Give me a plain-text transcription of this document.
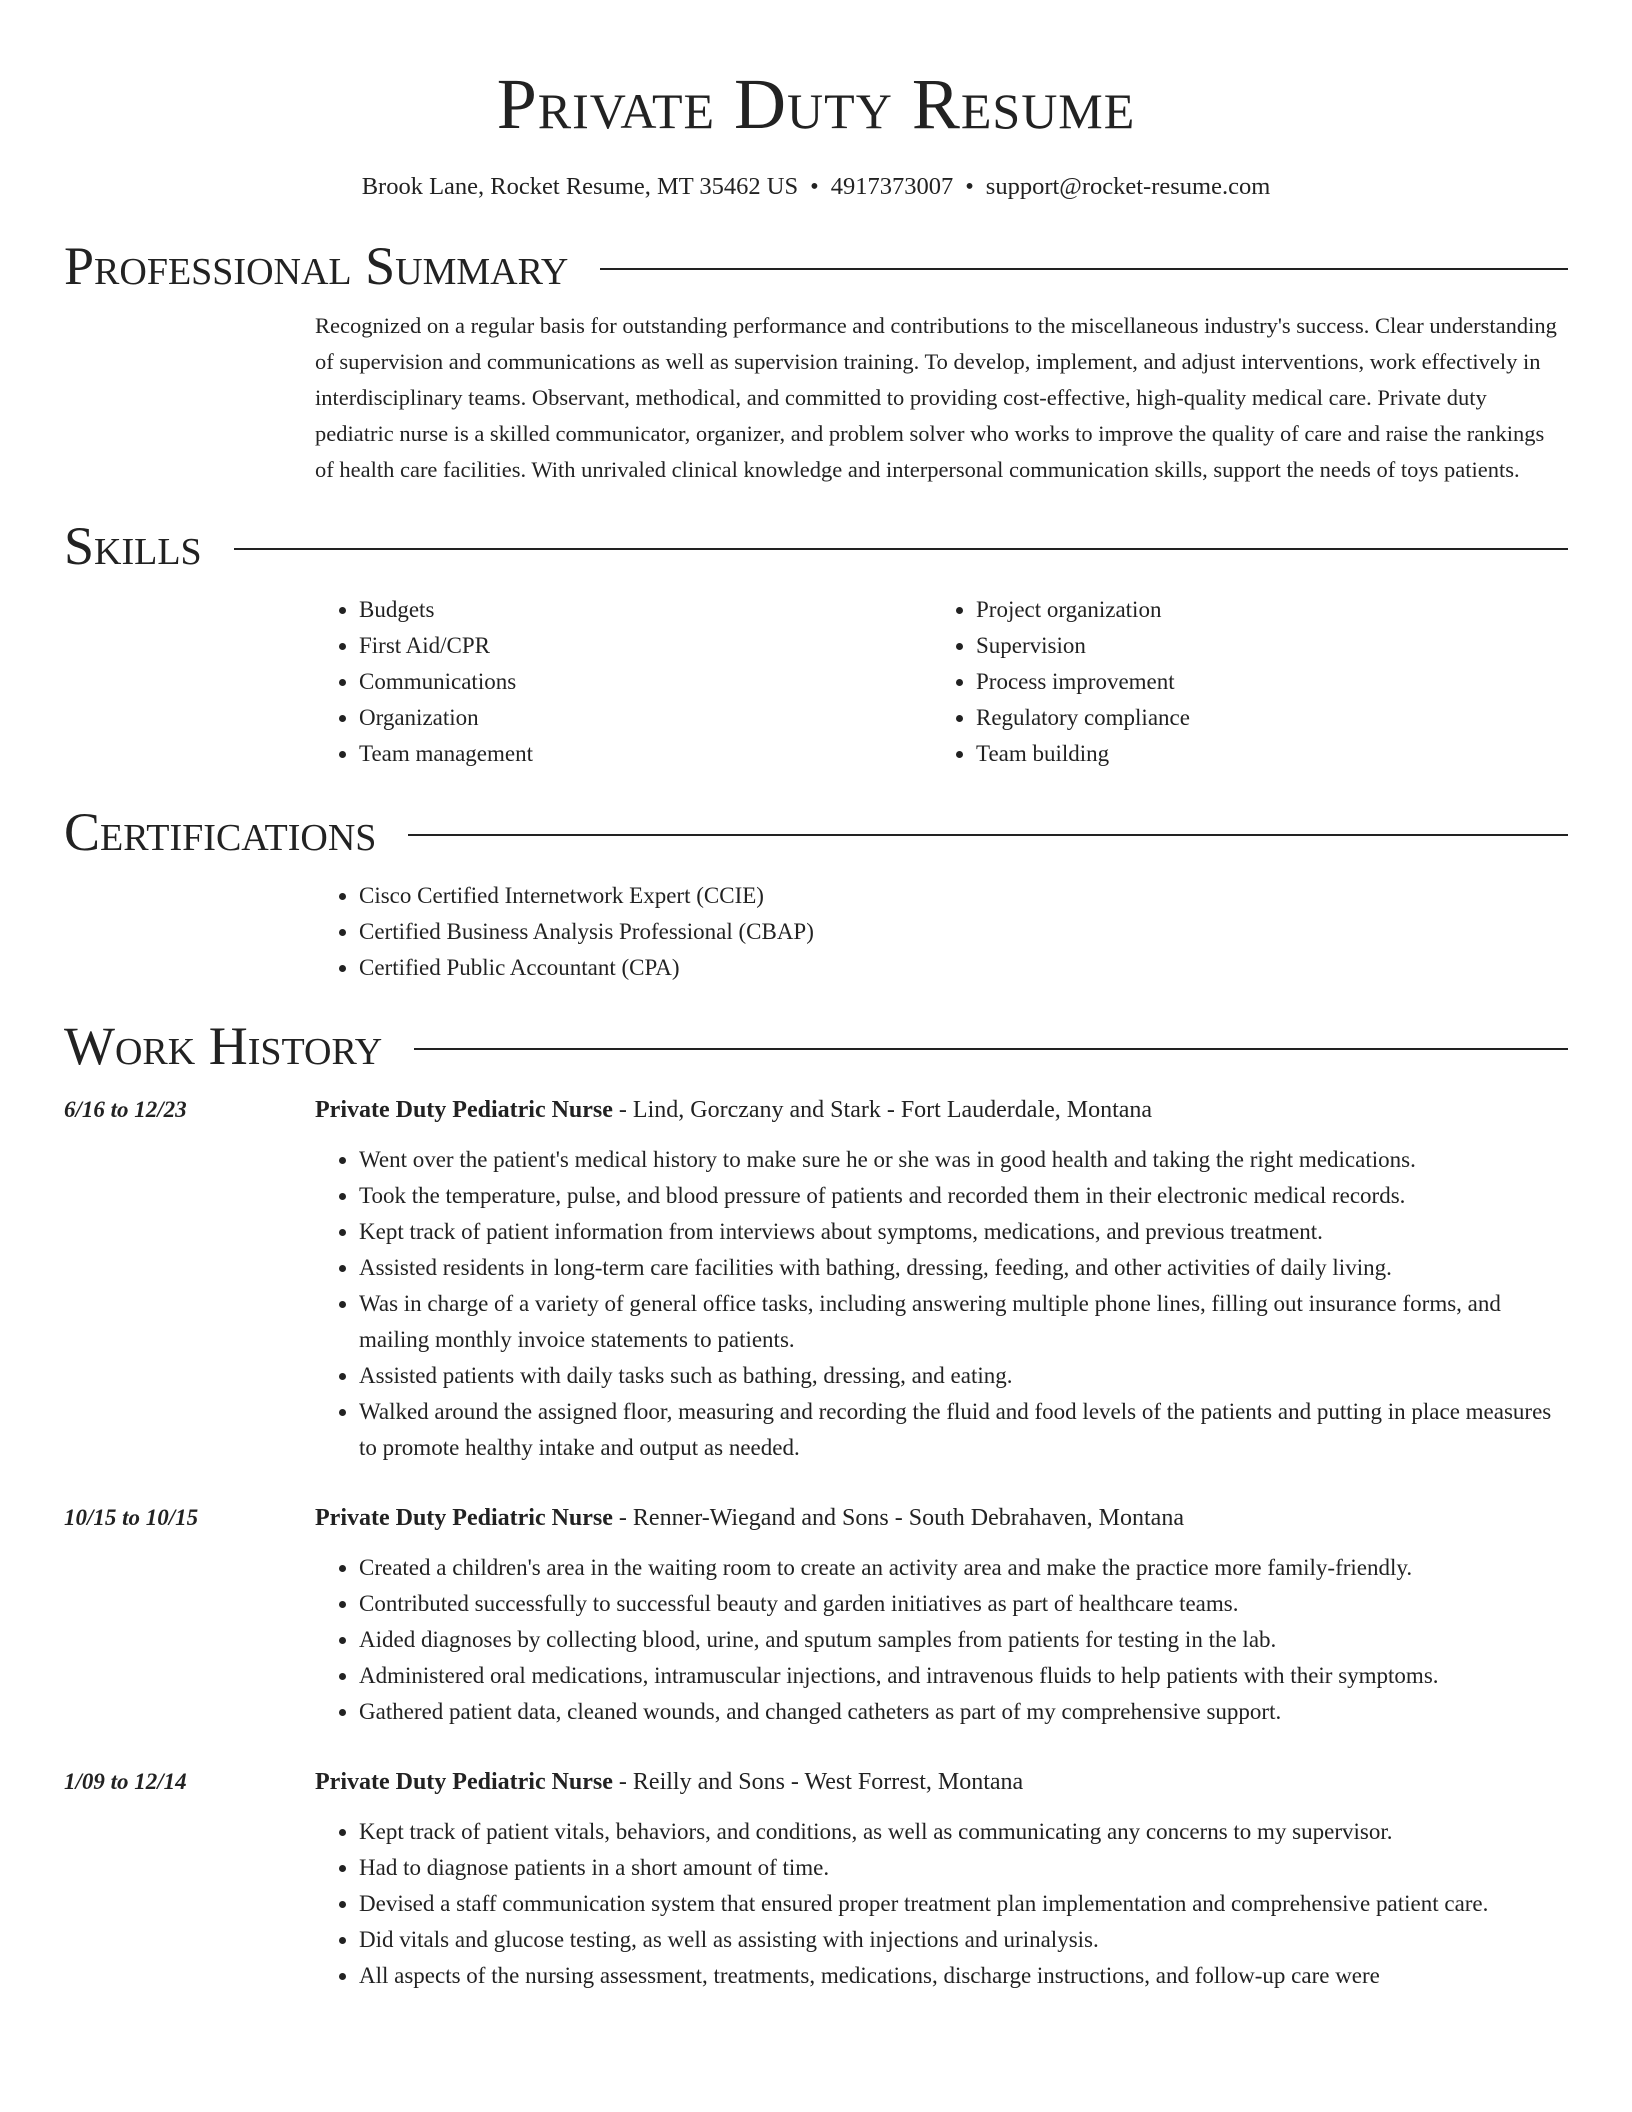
Private Duty Resume
Brook Lane, Rocket Resume, MT 35462 US • 4917373007 • support@rocket-resume.com
Professional Summary

Recognized on a regular basis for outstanding performance and contributions to the miscellaneous industry's success. Clear understanding of supervision and communications as well as supervision training. To develop, implement, and adjust interventions, work effectively in interdisciplinary teams. Observant, methodical, and committed to providing cost-effective, high-quality medical care. Private duty pediatric nurse is a skilled communicator, organizer, and problem solver who works to improve the quality of care and raise the rankings of health care facilities. With unrivaled clinical knowledge and interpersonal communication skills, support the needs of toys patients.

Skills
• Budgets
• First Aid/CPR
• Communications
• Organization
• Team management
• Project organization
• Supervision
• Process improvement
• Regulatory compliance
• Team building
Certifications
• Cisco Certified Internetwork Expert (CCIE)
• Certified Business Analysis Professional (CBAP)
• Certified Public Accountant (CPA)
Work History
6/16 to 12/23	Private Duty Pediatric Nurse - Lind, Gorczany and Stark - Fort Lauderdale, Montana
• Went over the patient's medical history to make sure he or she was in good health and taking the right medications.
• Took the temperature, pulse, and blood pressure of patients and recorded them in their electronic medical records.
• Kept track of patient information from interviews about symptoms, medications, and previous treatment.
• Assisted residents in long-term care facilities with bathing, dressing, feeding, and other activities of daily living.
• Was in charge of a variety of general office tasks, including answering multiple phone lines, filling out insurance forms, and mailing monthly invoice statements to patients.
• Assisted patients with daily tasks such as bathing, dressing, and eating.
• Walked around the assigned floor, measuring and recording the fluid and food levels of the patients and putting in place measures to promote healthy intake and output as needed.
10/15 to 10/15	Private Duty Pediatric Nurse - Renner-Wiegand and Sons - South Debrahaven, Montana
• Created a children's area in the waiting room to create an activity area and make the practice more family-friendly.
• Contributed successfully to successful beauty and garden initiatives as part of healthcare teams.
• Aided diagnoses by collecting blood, urine, and sputum samples from patients for testing in the lab.
• Administered oral medications, intramuscular injections, and intravenous fluids to help patients with their symptoms.
• Gathered patient data, cleaned wounds, and changed catheters as part of my comprehensive support.
1/09 to 12/14	Private Duty Pediatric Nurse - Reilly and Sons - West Forrest, Montana
• Kept track of patient vitals, behaviors, and conditions, as well as communicating any concerns to my supervisor.
• Had to diagnose patients in a short amount of time.
• Devised a staff communication system that ensured proper treatment plan implementation and comprehensive patient care.
• Did vitals and glucose testing, as well as assisting with injections and urinalysis.
• All aspects of the nursing assessment, treatments, medications, discharge instructions, and follow-up care were
